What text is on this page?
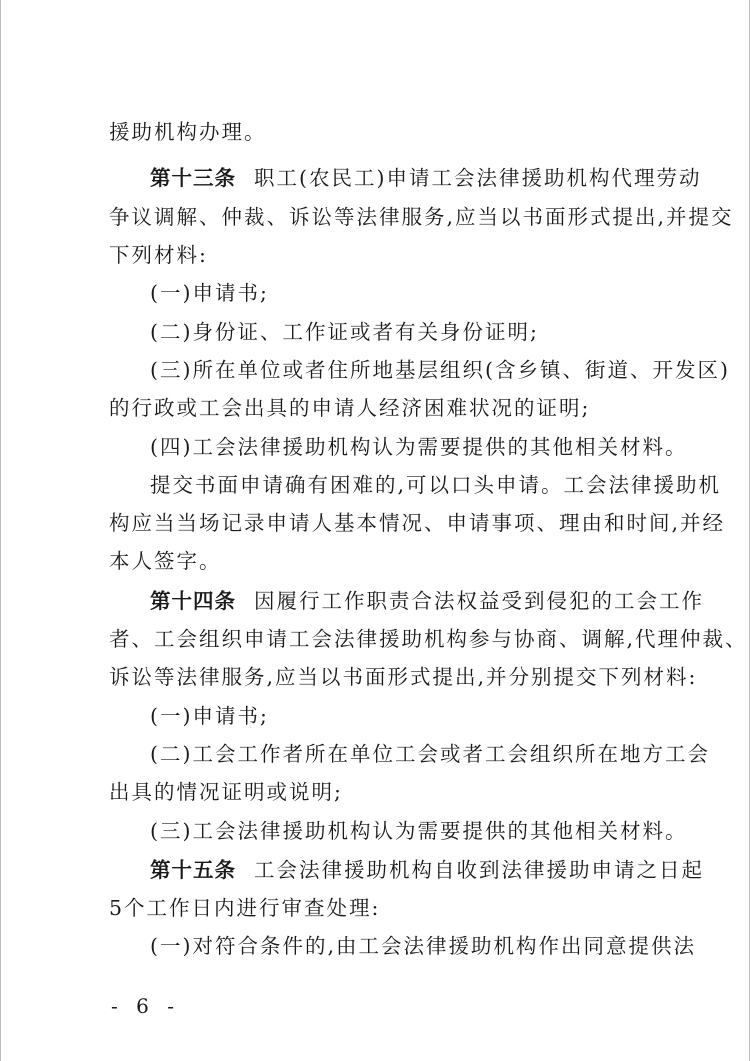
援助机构办理。
第十三条 职工(农民工)申请工会法律援助机构代理劳动
争议调解、仲裁、诉讼等法律服务,应当以书面形式提出,并提交
下列材料:
(一)申请书;
(二)身份证、工作证或者有关身份证明;
(三)所在单位或者住所地基层组织(含乡镇、街道、开发区)
的行政或工会出具的申请人经济困难状况的证明;
(四)工会法律援助机构认为需要提供的其他相关材料。
提交书面申请确有困难的,可以口头申请。工会法律援助机
构应当当场记录申请人基本情况、申请事项、理由和时间,并经
本人签字。
第十四条 因履行工作职责合法权益受到侵犯的工会工作
者、工会组织申请工会法律援助机构参与协商、调解,代理仲裁、
诉讼等法律服务,应当以书面形式提出,并分别提交下列材料:
(一)申请书;
(二)工会工作者所在单位工会或者工会组织所在地方工会
出具的情况证明或说明;
(三)工会法律援助机构认为需要提供的其他相关材料。
第十五条 工会法律援助机构自收到法律援助申请之日起
5个工作日内进行审查处理:
(一)对符合条件的,由工会法律援助机构作出同意提供法
- 6 -
